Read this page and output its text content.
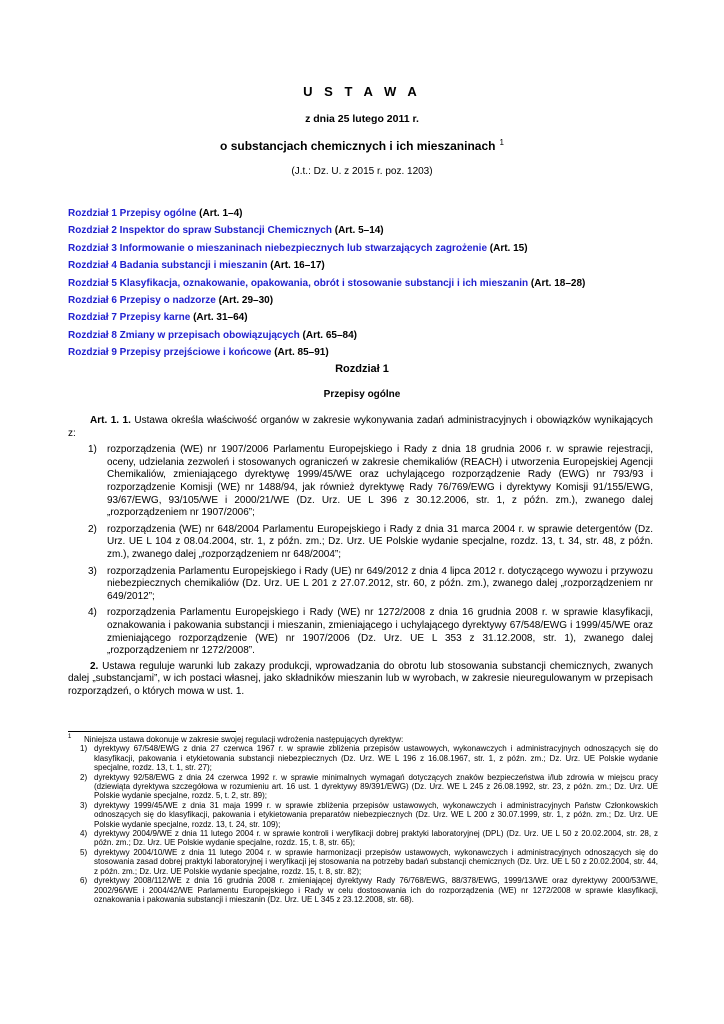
U S T A W A
z dnia 25 lutego 2011 r.
o substancjach chemicznych i ich mieszaninach $^1$
(J.t.: Dz. U. z 2015 r. poz. 1203)
Rozdział 1 Przepisy ogólne (Art. 1–4)
Rozdział 2 Inspektor do spraw Substancji Chemicznych (Art. 5–14)
Rozdział 3 Informowanie o mieszaninach niebezpiecznych lub stwarzających zagrożenie (Art. 15)
Rozdział 4 Badania substancji i mieszanin (Art. 16–17)
Rozdział 5 Klasyfikacja, oznakowanie, opakowania, obrót i stosowanie substancji i ich mieszanin (Art. 18–28)
Rozdział 6 Przepisy o nadzorze (Art. 29–30)
Rozdział 7 Przepisy karne (Art. 31–64)
Rozdział 8 Zmiany w przepisach obowiązujących (Art. 65–84)
Rozdział 9 Przepisy przejściowe i końcowe (Art. 85–91)
Rozdział 1
Przepisy ogólne

Art. 1. 1. Ustawa określa właściwość organów w zakresie wykonywania zadań administracyjnych i obowiązków wynikających z:

1) rozporządzenia (WE) nr 1907/2006 Parlamentu Europejskiego i Rady z dnia 18 grudnia 2006 r. w sprawie rejestracji, oceny, udzielania zezwoleń i stosowanych ograniczeń w zakresie chemikaliów (REACH) i utworzenia Europejskiej Agencji Chemikaliów, zmieniającego dyrektywę 1999/45/WE oraz uchylającego rozporządzenie Rady (EWG) nr 793/93 i rozporządzenie Komisji (WE) nr 1488/94, jak również dyrektywę Rady 76/769/EWG i dyrektywy Komisji 91/155/EWG, 93/67/EWG, 93/105/WE i 2000/21/WE (Dz. Urz. UE L 396 z 30.12.2006, str. 1, z późn. zm.), zwanego dalej „rozporządzeniem nr 1907/2006”;
2) rozporządzenia (WE) nr 648/2004 Parlamentu Europejskiego i Rady z dnia 31 marca 2004 r. w sprawie detergentów (Dz. Urz. UE L 104 z 08.04.2004, str. 1, z późn. zm.; Dz. Urz. UE Polskie wydanie specjalne, rozdz. 13, t. 34, str. 48, z późn. zm.), zwanego dalej „rozporządzeniem nr 648/2004”;
3) rozporządzenia Parlamentu Europejskiego i Rady (UE) nr 649/2012 z dnia 4 lipca 2012 r. dotyczącego wywozu i przywozu niebezpiecznych chemikaliów (Dz. Urz. UE L 201 z 27.07.2012, str. 60, z późn. zm.), zwanego dalej „rozporządzeniem nr 649/2012”;
4) rozporządzenia Parlamentu Europejskiego i Rady (WE) nr 1272/2008 z dnia 16 grudnia 2008 r. w sprawie klasyfikacji, oznakowania i pakowania substancji i mieszanin, zmieniającego i uchylającego dyrektywy 67/548/EWG i 1999/45/WE oraz zmieniającego rozporządzenie (WE) nr 1907/2006 (Dz. Urz. UE L 353 z 31.12.2008, str. 1), zwanego dalej „rozporządzeniem nr 1272/2008”.

2. Ustawa reguluje warunki lub zakazy produkcji, wprowadzania do obrotu lub stosowania substancji chemicznych, zwanych dalej „substancjami”, w ich postaci własnej, jako składników mieszanin lub w wyrobach, w zakresie nieuregulowanym w przepisach rozporządzeń, o których mowa w ust. 1.

1 Niniejsza ustawa dokonuje w zakresie swojej regulacji wdrożenia następujących dyrektyw:
1) dyrektywy 67/548/EWG z dnia 27 czerwca 1967 r. w sprawie zbliżenia przepisów ustawowych, wykonawczych i administracyjnych odnoszących się do klasyfikacji, pakowania i etykietowania substancji niebezpiecznych (Dz. Urz. WE L 196 z 16.08.1967, str. 1, z późn. zm.; Dz. Urz. UE Polskie wydanie specjalne, rozdz. 13, t. 1, str. 27);
2) dyrektywy 92/58/EWG z dnia 24 czerwca 1992 r. w sprawie minimalnych wymagań dotyczących znaków bezpieczeństwa i/lub zdrowia w miejscu pracy (dziewiąta dyrektywa szczegółowa w rozumieniu art. 16 ust. 1 dyrektywy 89/391/EWG) (Dz. Urz. WE L 245 z 26.08.1992, str. 23, z późn. zm.; Dz. Urz. UE Polskie wydanie specjalne, rozdz. 5, t. 2, str. 89);
3) dyrektywy 1999/45/WE z dnia 31 maja 1999 r. w sprawie zbliżenia przepisów ustawowych, wykonawczych i administracyjnych Państw Członkowskich odnoszących się do klasyfikacji, pakowania i etykietowania preparatów niebezpiecznych (Dz. Urz. WE L 200 z 30.07.1999, str. 1, z późn. zm.; Dz. Urz. UE Polskie wydanie specjalne, rozdz. 13, t. 24, str. 109);
4) dyrektywy 2004/9/WE z dnia 11 lutego 2004 r. w sprawie kontroli i weryfikacji dobrej praktyki laboratoryjnej (DPL) (Dz. Urz. UE L 50 z 20.02.2004, str. 28, z późn. zm.; Dz. Urz. UE Polskie wydanie specjalne, rozdz. 15, t. 8, str. 65);
5) dyrektywy 2004/10/WE z dnia 11 lutego 2004 r. w sprawie harmonizacji przepisów ustawowych, wykonawczych i administracyjnych odnoszących się do stosowania zasad dobrej praktyki laboratoryjnej i weryfikacji jej stosowania na potrzeby badań substancji chemicznych (Dz. Urz. UE L 50 z 20.02.2004, str. 44, z późn. zm.; Dz. Urz. UE Polskie wydanie specjalne, rozdz. 15, t. 8, str. 82);
6) dyrektywy 2008/112/WE z dnia 16 grudnia 2008 r. zmieniającej dyrektywy Rady 76/768/EWG, 88/378/EWG, 1999/13/WE oraz dyrektywy 2000/53/WE, 2002/96/WE i 2004/42/WE Parlamentu Europejskiego i Rady w celu dostosowania ich do rozporządzenia (WE) nr 1272/2008 w sprawie klasyfikacji, oznakowania i pakowania substancji i mieszanin (Dz. Urz. UE L 345 z 23.12.2008, str. 68).
